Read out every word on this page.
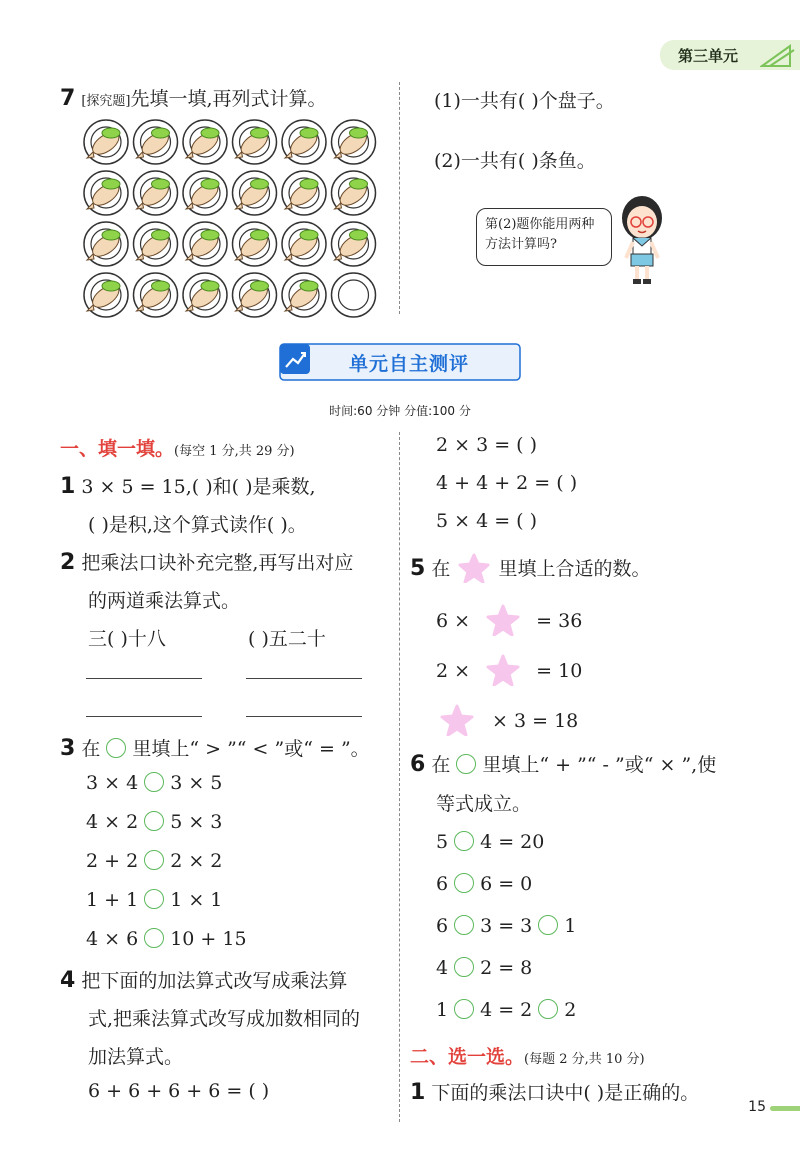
第三单元
7 [探究题]先填一填,再列式计算。	(1)一共有( )个盘子。
(2)一共有( )条鱼。
第(2)题你能用两种方法计算吗?
单元自主测评
时间:60 分钟 分值:100 分
一、填一填。(每空 1 分,共 29 分)
1 3 × 5 = 15,( )和( )是乘数,
( )是积,这个算式读作( )。
2 把乘法口诀补充完整,再写出对应
的两道乘法算式。
三( )十八	( )五二十
3 在 里填上“ > ”“ < ”或“ = ”。
3 × 4 3 × 5
4 × 2 5 × 3
2 + 2 2 × 2
1 + 1 1 × 1
4 × 6 10 + 15
4 把下面的加法算式改写成乘法算
式,把乘法算式改写成加数相同的
加法算式。
6 + 6 + 6 + 6 = ( )
2 × 3 = ( )
4 + 4 + 2 = ( )
5 × 4 = ( )
5 在	里填上合适的数。
6 ×	= 36
2 ×	= 10
× 3 = 18
6 在 里填上“ + ”“ - ”或“ × ”,使
等式成立。
5 4 = 20
6 6 = 0
6 3 = 3 1
4 2 = 8
1 4 = 2 2
二、选一选。(每题 2 分,共 10 分)
1 下面的乘法口诀中( )是正确的。
15
